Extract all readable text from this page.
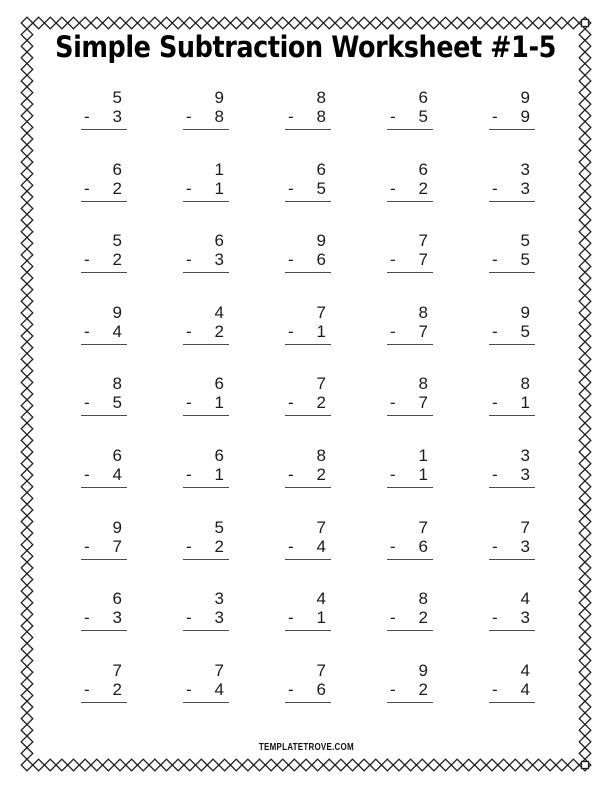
Simple Subtraction Worksheet #1-5
5
- 3
9
- 8
8
- 8
6
- 5
9
- 9
6
- 2
1
- 1
6
- 5
6
- 2
3
- 3
5
- 2
6
- 3
9
- 6
7
- 7
5
- 5
9
- 4
4
- 2
7
- 1
8
- 7
9
- 5
8
- 5
6
- 1
7
- 2
8
- 7
8
- 1
6
- 4
6
- 1
8
- 2
1
- 1
3
- 3
9
- 7
5
- 2
7
- 4
7
- 6
7
- 3
6
- 3
3
- 3
4
- 1
8
- 2
4
- 3
7
- 2
7
- 4
7
- 6
9
- 2
4
- 4
TEMPLATETROVE.COM
